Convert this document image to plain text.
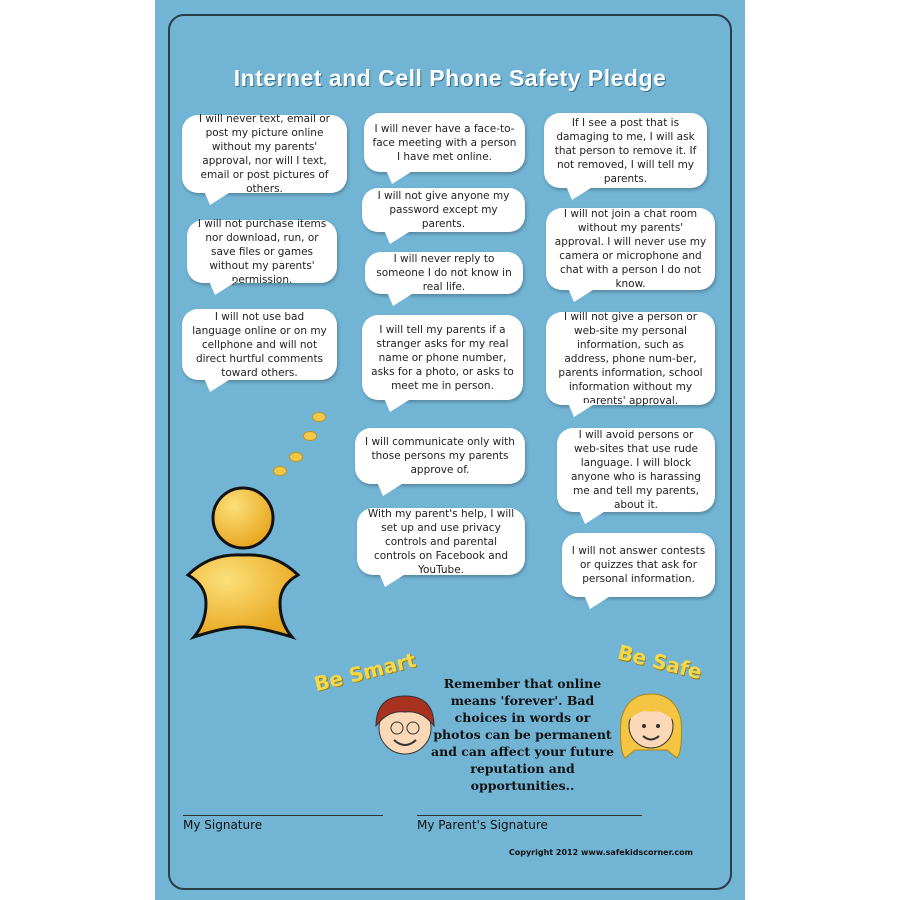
Internet and Cell Phone Safety Pledge
I will never text, email or post my picture online without my parents' approval, nor will I text, email or post pictures of others.
I will not purchase items nor download, run, or save files or games without my parents' permission.
I will not use bad language online or on my cellphone and will not direct hurtful comments toward others.
I will never have a face-to-face meeting with a person I have met online.
I will not give anyone my password except my parents.
I will never reply to someone I do not know in real life.
I will tell my parents if a stranger asks for my real name or phone number, asks for a photo, or asks to meet me in person.
I will communicate only with those persons my parents approve of.
With my parent's help, I will set up and use privacy controls and parental controls on Facebook and YouTube.
If I see a post that is damaging to me, I will ask that person to remove it. If not removed, I will tell my parents.
I will not join a chat room without my parents' approval. I will never use my camera or microphone and chat with a person I do not know.
I will not give a person or web-site my personal information, such as address, phone num-ber, parents information, school information without my parents' approval.
I will avoid persons or web-sites that use rude language. I will block anyone who is harassing me and tell my parents, about it.
I will not answer contests or quizzes that ask for personal information.
Be Smart	Be Safe
Remember that online means 'forever'. Bad choices in words or photos can be permanent and can affect your future reputation and opportunities..
My Signature	My Parent's Signature
Copyright 2012 www.safekidscorner.com
